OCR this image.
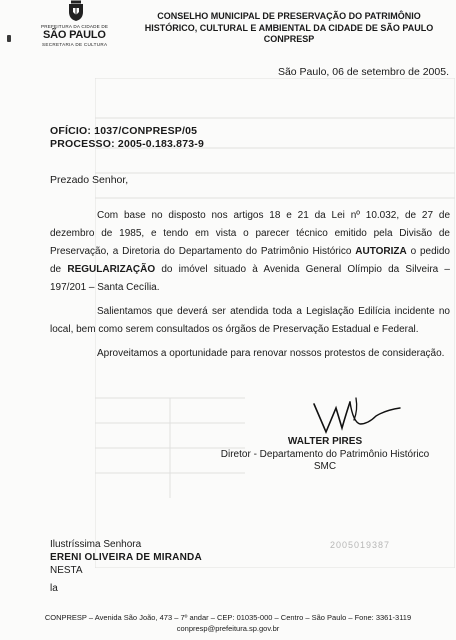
PREFEITURA DA CIDADE DE
SÃO PAULO
SECRETARIA DE CULTURA
CONSELHO MUNICIPAL DE PRESERVAÇÃO DO PATRIMÔNIO
HISTÓRICO, CULTURAL E AMBIENTAL DA CIDADE DE SÃO PAULO
CONPRESP
São Paulo, 06 de setembro de 2005.
OFÍCIO: 1037/CONPRESP/05
PROCESSO: 2005-0.183.873-9
Prezado Senhor,

Com base no disposto nos artigos 18 e 21 da Lei nº 10.032, de 27 de dezembro de 1985, e tendo em vista o parecer técnico emitido pela Divisão de Preservação, a Diretoria do Departamento do Patrimônio Histórico AUTORIZA o pedido de REGULARIZAÇÃO do imóvel situado à Avenida General Olímpio da Silveira – 197/201 – Santa Cecília.

Salientamos que deverá ser atendida toda a Legislação Edilícia incidente no local, bem como serem consultados os órgãos de Preservação Estadual e Federal.

Aproveitamos a oportunidade para renovar nossos protestos de consideração.

WALTER PIRES
Diretor - Departamento do Patrimônio Histórico
SMC
2005019387
Ilustríssima Senhora
ERENI OLIVEIRA DE MIRANDA
NESTA
la
CONPRESP – Avenida São João, 473 – 7º andar – CEP: 01035-000 – Centro – São Paulo – Fone: 3361-3119
conpresp@prefeitura.sp.gov.br
